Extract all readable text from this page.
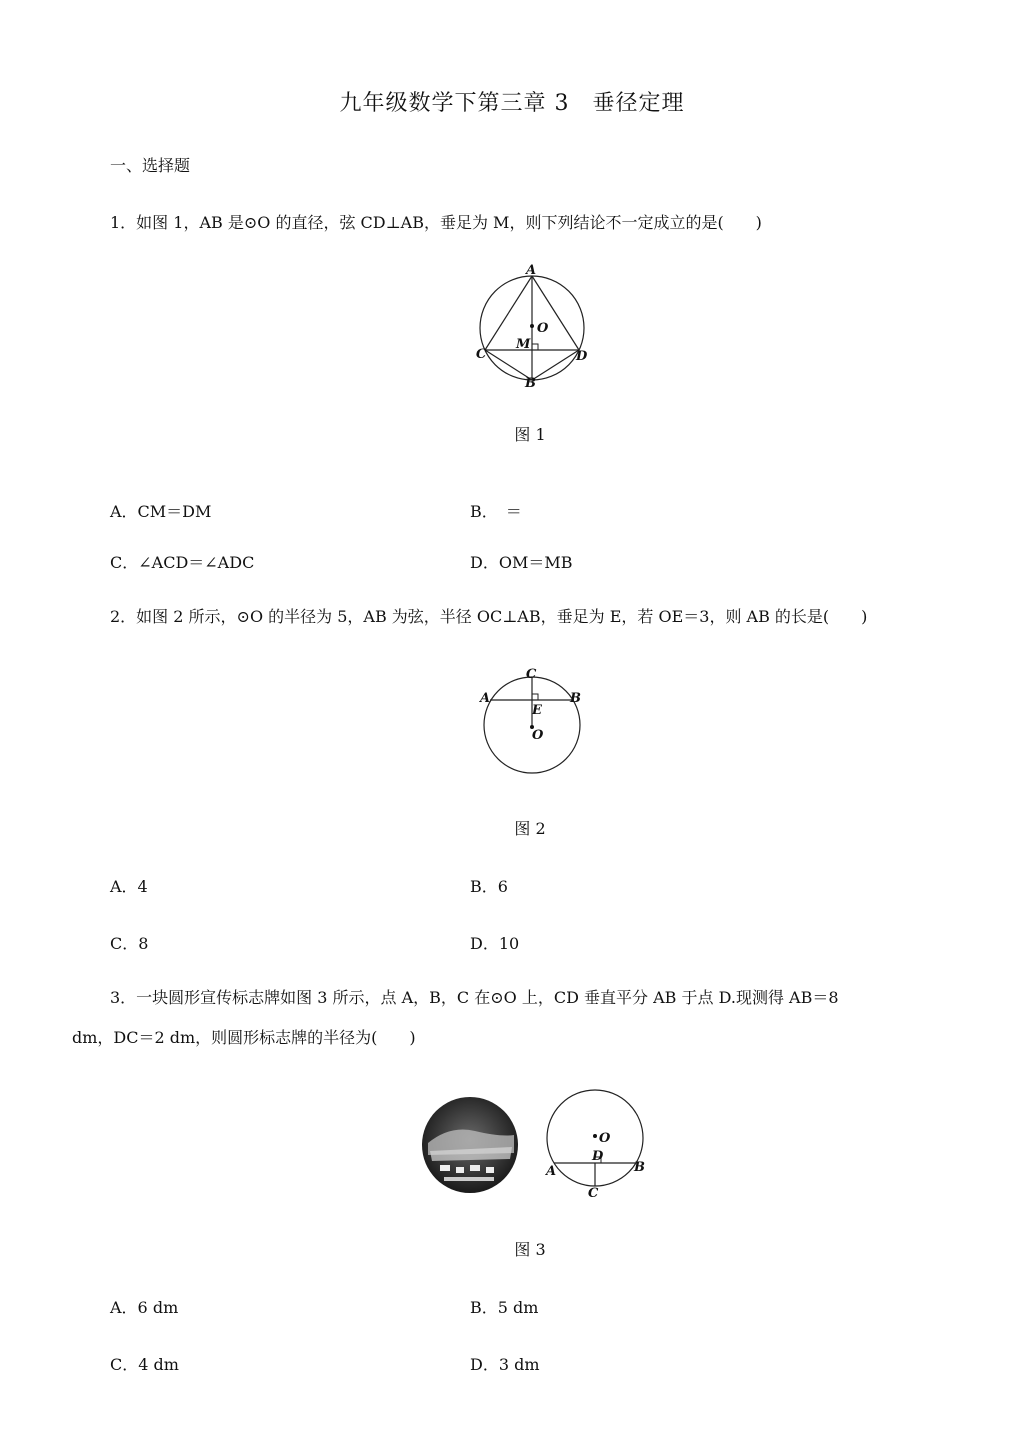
九年级数学下第三章 3　垂径定理
一、选择题
1．如图 1，AB 是⊙O 的直径，弦 CD⊥AB，垂足为 M，则下列结论不一定成立的是(　　)
A
O
M
C	D
B
图 1
A．CM＝DM	B．　＝
C．∠ACD＝∠ADC	D．OM＝MB
2．如图 2 所示，⊙O 的半径为 5，AB 为弦，半径 OC⊥AB，垂足为 E，若 OE＝3，则 AB 的长是(　　)
C
A	B
E
O
图 2
A．4	B．6
C．8	D．10
3．一块圆形宣传标志牌如图 3 所示，点 A，B，C 在⊙O 上，CD 垂直平分 AB 于点 D.现测得 AB＝8
dm，DC＝2 dm，则圆形标志牌的半径为(　　)
O
D
A	B
C
图 3
A．6 dm	B．5 dm
C．4 dm	D．3 dm
